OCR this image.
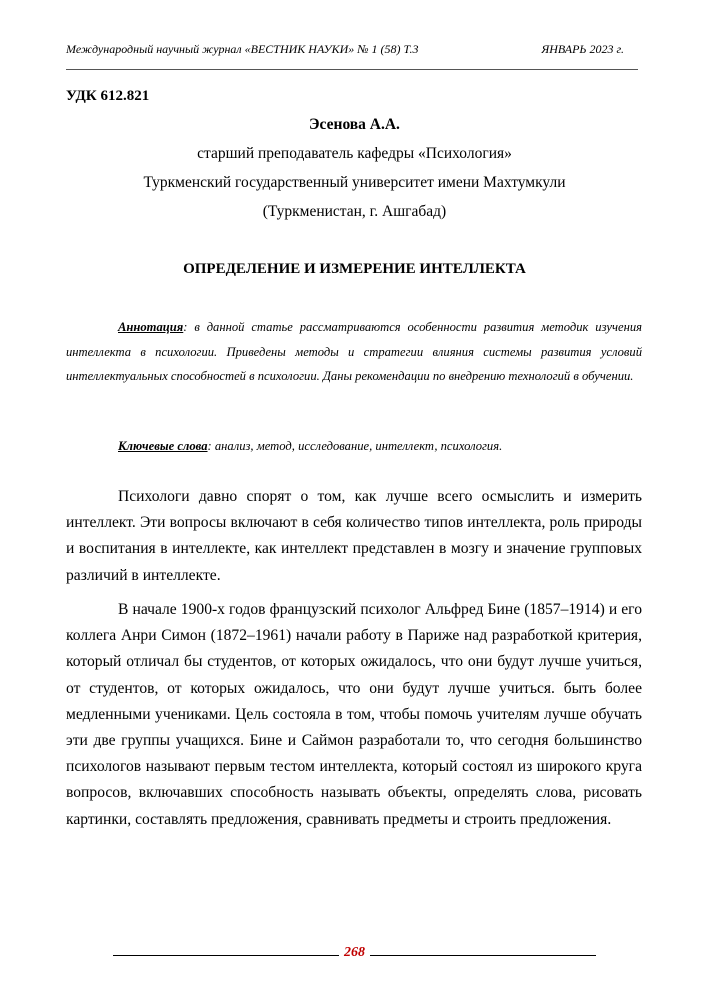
Международный научный журнал «ВЕСТНИК НАУКИ» № 1 (58) Т.3	ЯНВАРЬ 2023 г.
УДК 612.821
Эсенова А.А.
старший преподаватель кафедры «Психология»
Туркменский государственный университет имени Махтумкули
(Туркменистан, г. Ашгабад)
ОПРЕДЕЛЕНИЕ И ИЗМЕРЕНИЕ ИНТЕЛЛЕКТА

Аннотация: в данной статье рассматриваются особенности развития методик изучения интеллекта в психологии. Приведены методы и стратегии влияния системы развития условий интеллектуальных способностей в психологии. Даны рекомендации по внедрению технологий в обучении.

Ключевые слова: анализ, метод, исследование, интеллект, психология.

Психологи давно спорят о том, как лучше всего осмыслить и измерить интеллект. Эти вопросы включают в себя количество типов интеллекта, роль природы и воспитания в интеллекте, как интеллект представлен в мозгу и значение групповых различий в интеллекте.

В начале 1900-х годов французский психолог Альфред Бине (1857–1914) и его коллега Анри Симон (1872–1961) начали работу в Париже над разработкой критерия, который отличал бы студентов, от которых ожидалось, что они будут лучше учиться, от студентов, от которых ожидалось, что они будут лучше учиться. быть более медленными учениками. Цель состояла в том, чтобы помочь учителям лучше обучать эти две группы учащихся. Бине и Саймон разработали то, что сегодня большинство психологов называют первым тестом интеллекта, который состоял из широкого круга вопросов, включавших способность называть объекты, определять слова, рисовать картинки, составлять предложения, сравнивать предметы и строить предложения.

268
